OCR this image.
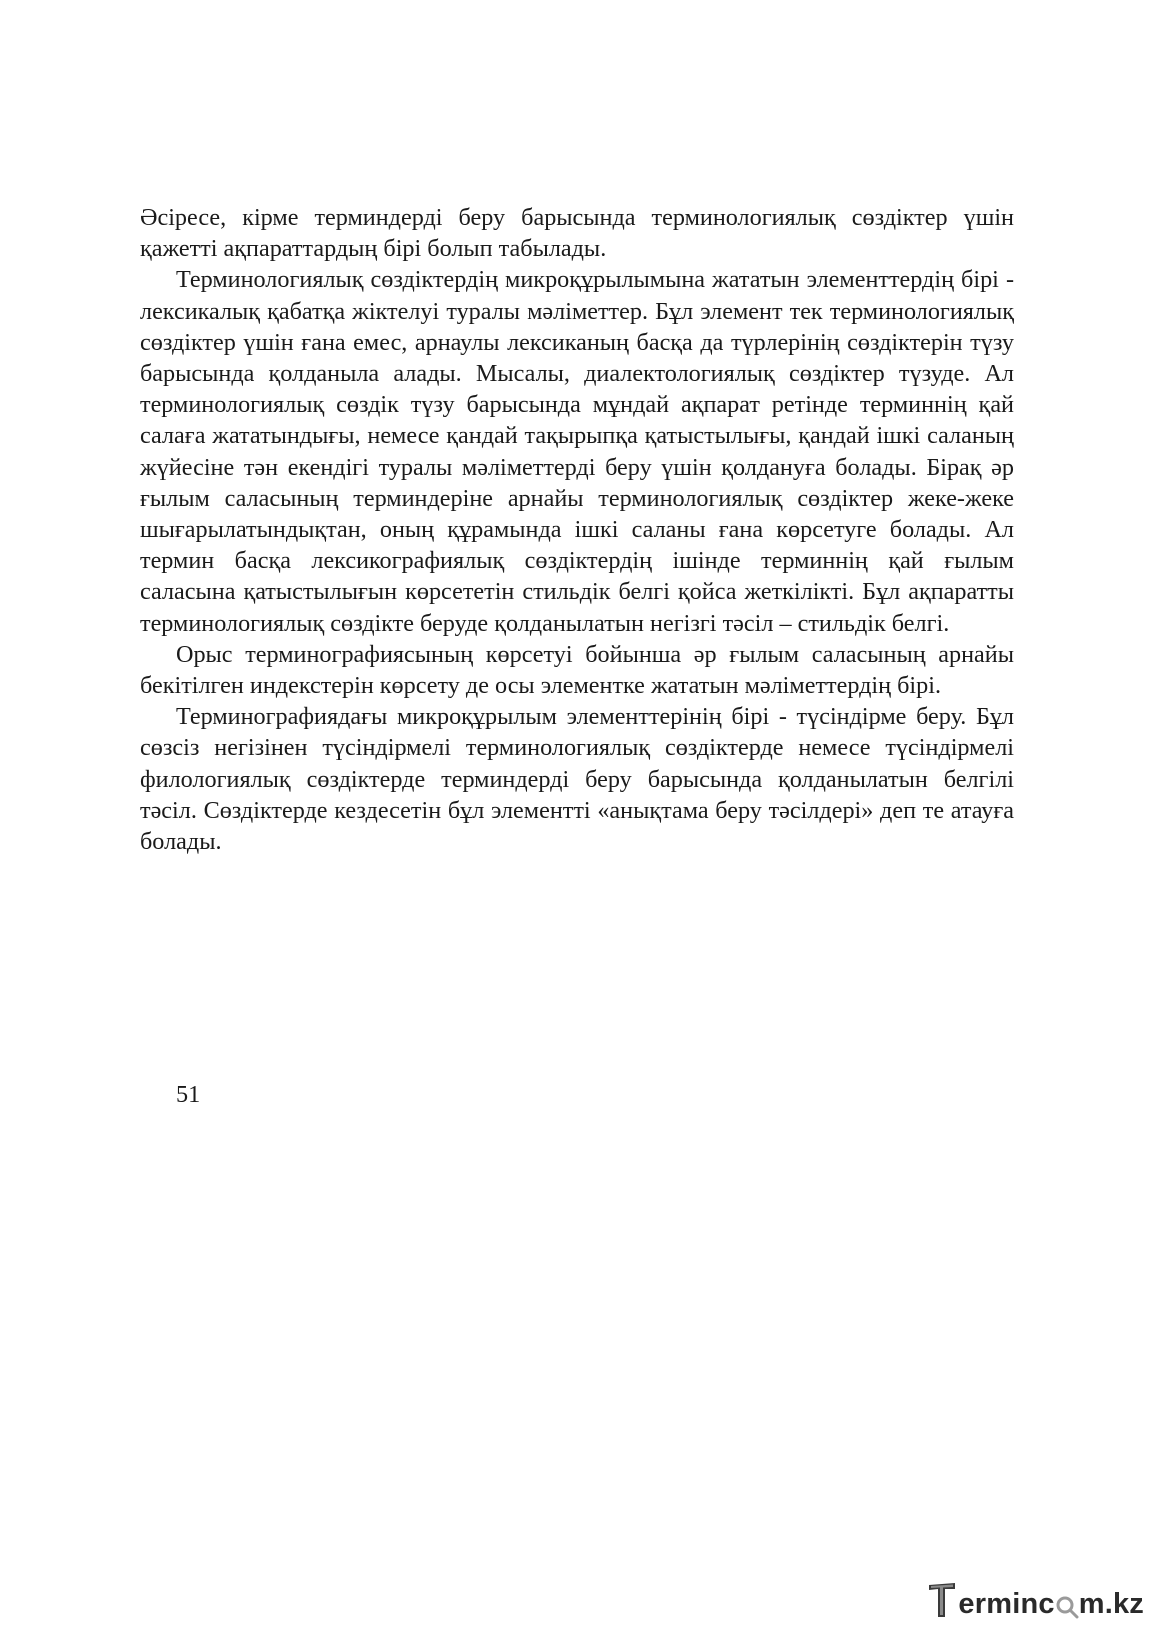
Әсіресе, кірме терминдерді беру барысында терминологиялық сөздіктер үшін қажетті ақпараттардың бірі болып табылады.

Терминологиялық сөздіктердің микроқұрылымына жататын элементтердің бірі - лексикалық қабатқа жіктелуі туралы мәліметтер. Бұл элемент тек терминологиялық сөздіктер үшін ғана емес, арнаулы лексиканың басқа да түрлерінің сөздіктерін түзу барысында қолданыла алады. Мысалы, диалектологиялық сөздіктер түзуде. Ал терминологиялық сөздік түзу барысында мұндай ақпарат ретінде терминнің қай салаға жататындығы, немесе қандай тақырыпқа қатыстылығы, қандай ішкі саланың жүйесіне тән екендігі туралы мәліметтерді беру үшін қолдануға болады. Бірақ әр ғылым саласының терминдеріне арнайы терминологиялық сөздіктер жеке-жеке шығарылатындықтан, оның құрамында ішкі саланы ғана көрсетуге болады. Ал термин басқа лексикографиялық сөздіктердің ішінде терминнің қай ғылым саласына қатыстылығын көрсететін стильдік белгі қойса жеткілікті. Бұл ақпаратты терминологиялық сөздікте беруде қолданылатын негізгі тәсіл – стильдік белгі.

Орыс терминографиясының көрсетуі бойынша әр ғылым саласының арнайы бекітілген индекстерін көрсету де осы элементке жататын мәліметтердің бірі.

Терминографиядағы микроқұрылым элементтерінің бірі - түсіндірме беру. Бұл сөзсіз негізінен түсіндірмелі терминологиялық сөздіктерде немесе түсіндірмелі филологиялық сөздіктерде терминдерді беру барысында қолданылатын белгілі тәсіл. Сөздіктерде кездесетін бұл элементті «анықтама беру тәсілдері» деп те атауға болады.

51
ermin c m.kz
